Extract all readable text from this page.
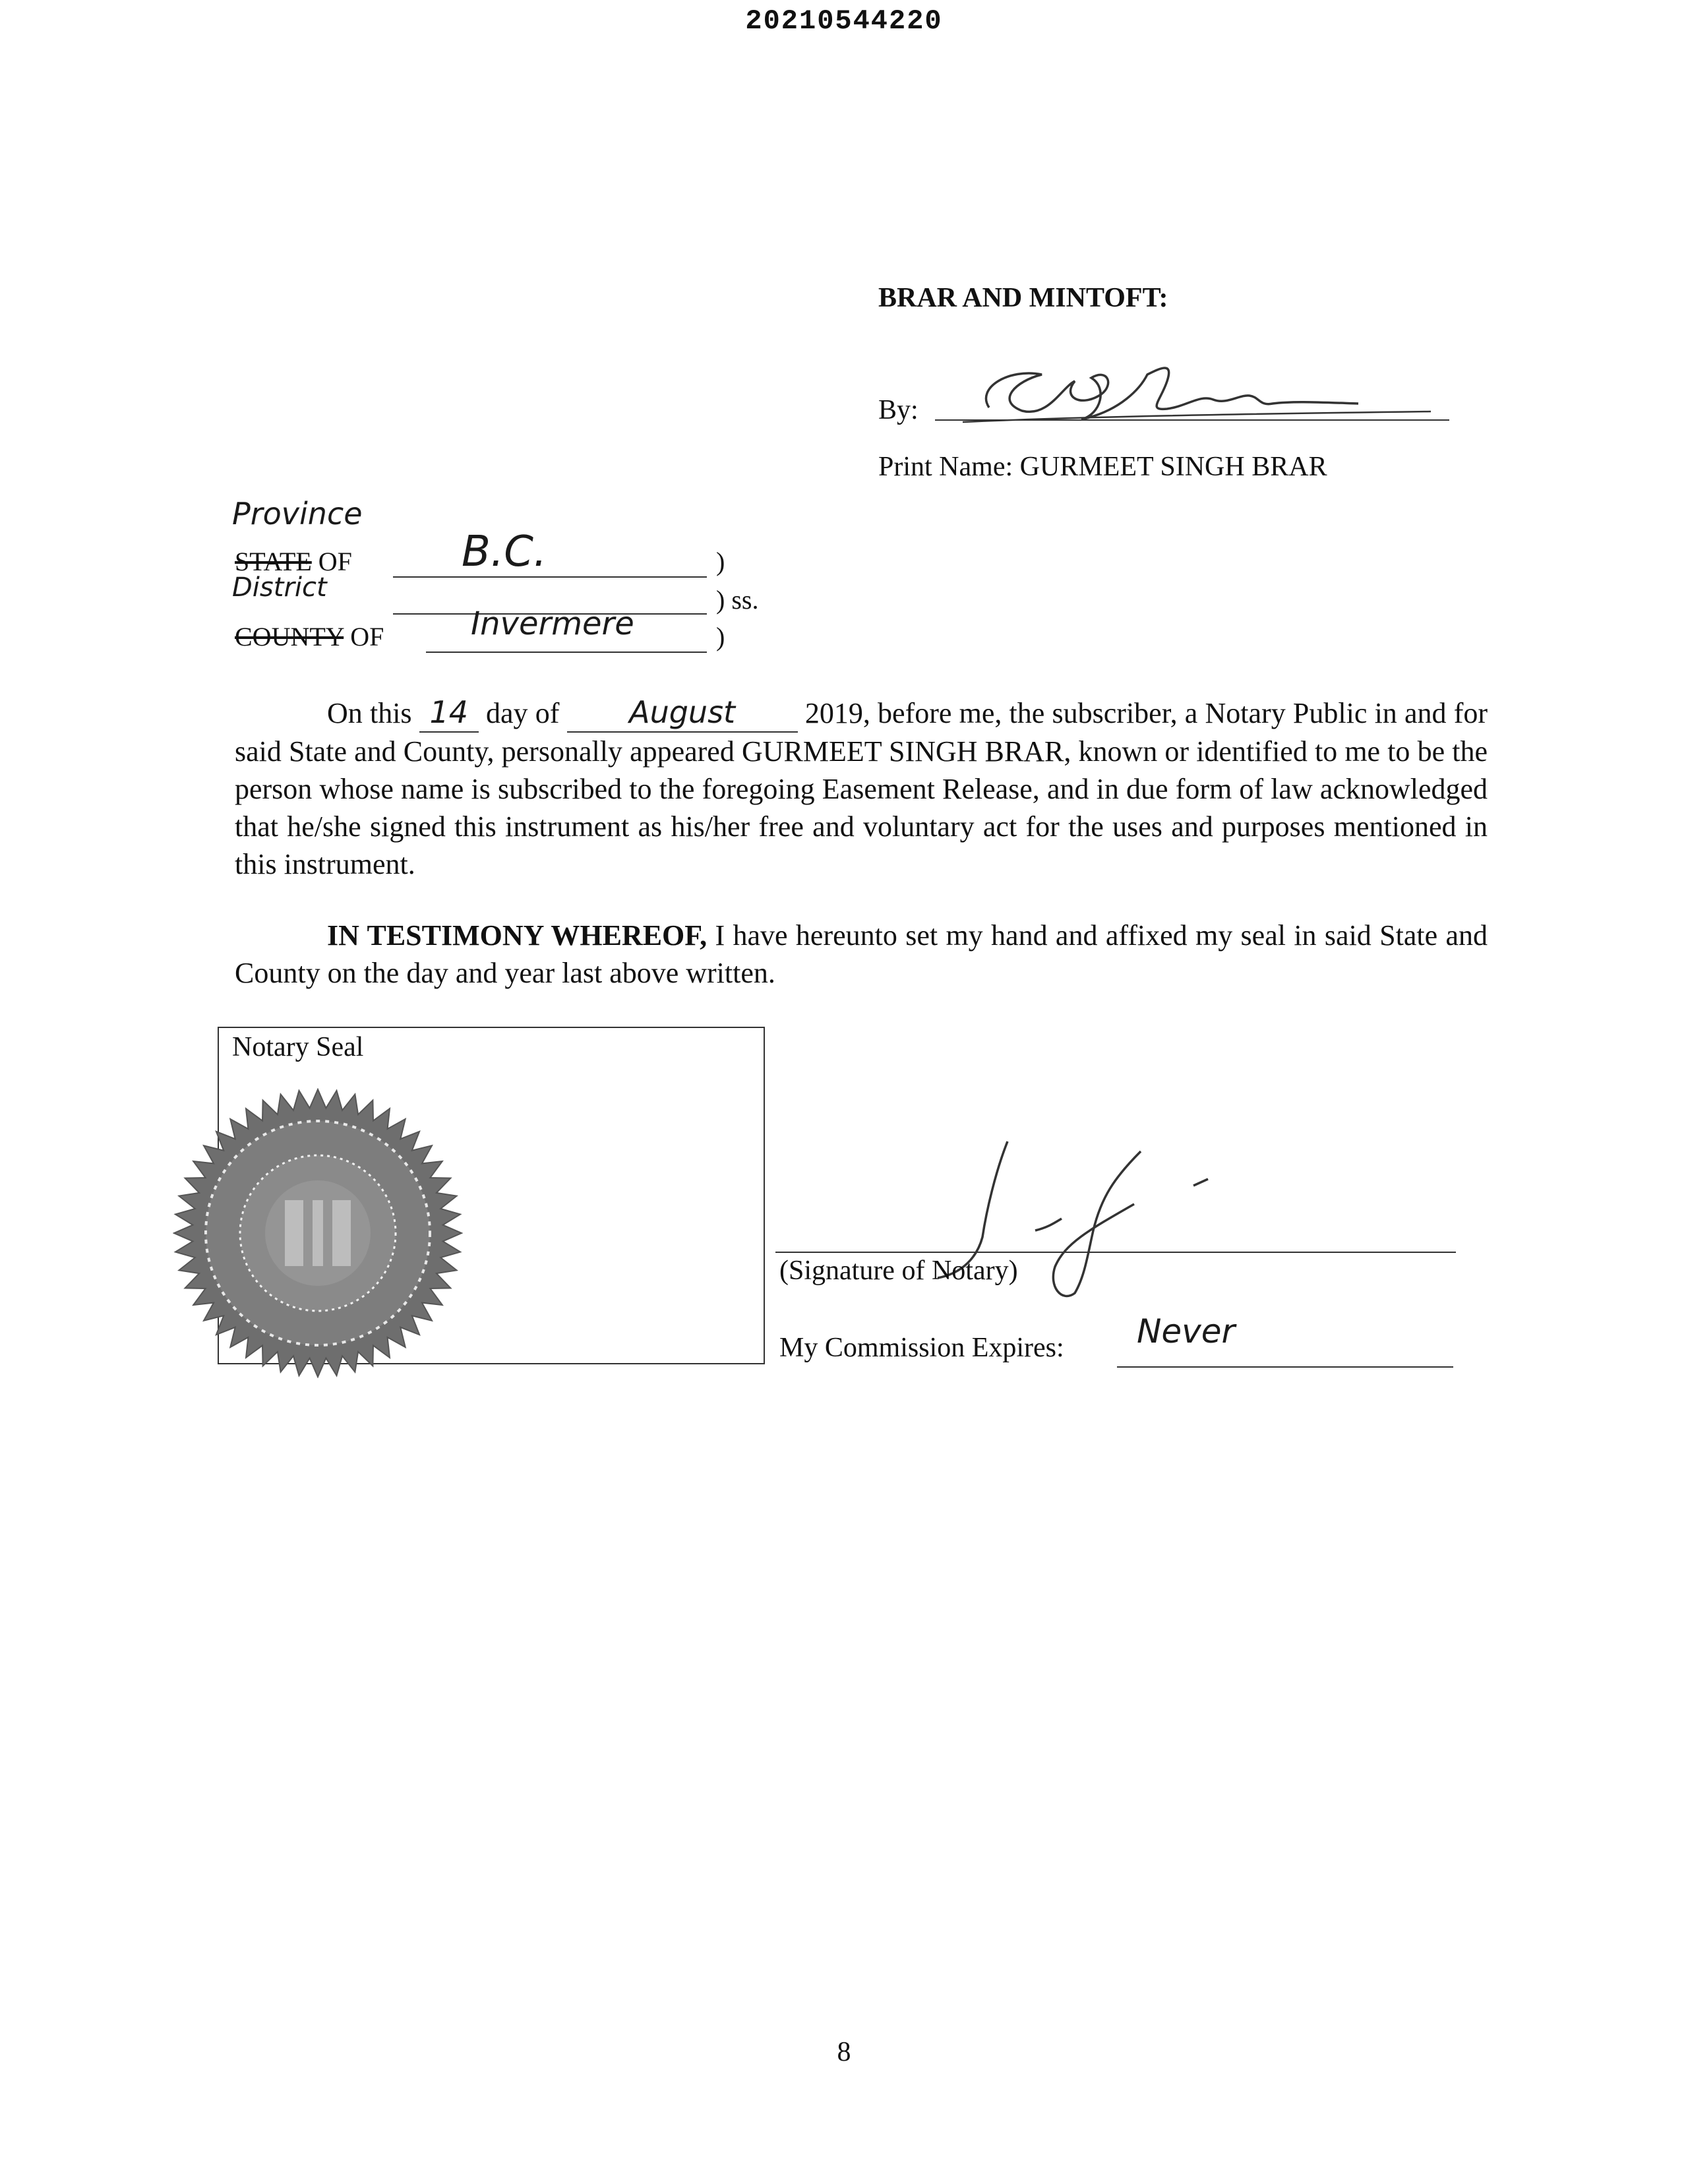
20210544220
BRAR AND MINTOFT:
By:
Print Name: GURMEET SINGH BRAR
Province
STATE OF	B.C.	)
District	) ss.
COUNTY OF	Invermere	)
On this 14 day of August 2019, before me, the subscriber, a Notary Public in and for said State and County, personally appeared GURMEET SINGH BRAR, known or identified to me to be the person whose name is subscribed to the foregoing Easement Release, and in due form of law acknowledged that he/she signed this instrument as his/her free and voluntary act for the uses and purposes mentioned in this instrument.
IN TESTIMONY WHEREOF, I have hereunto set my hand and affixed my seal in said State and County on the day and year last above written.
Notary Seal
(Signature of Notary)
My Commission Expires: Never
8
